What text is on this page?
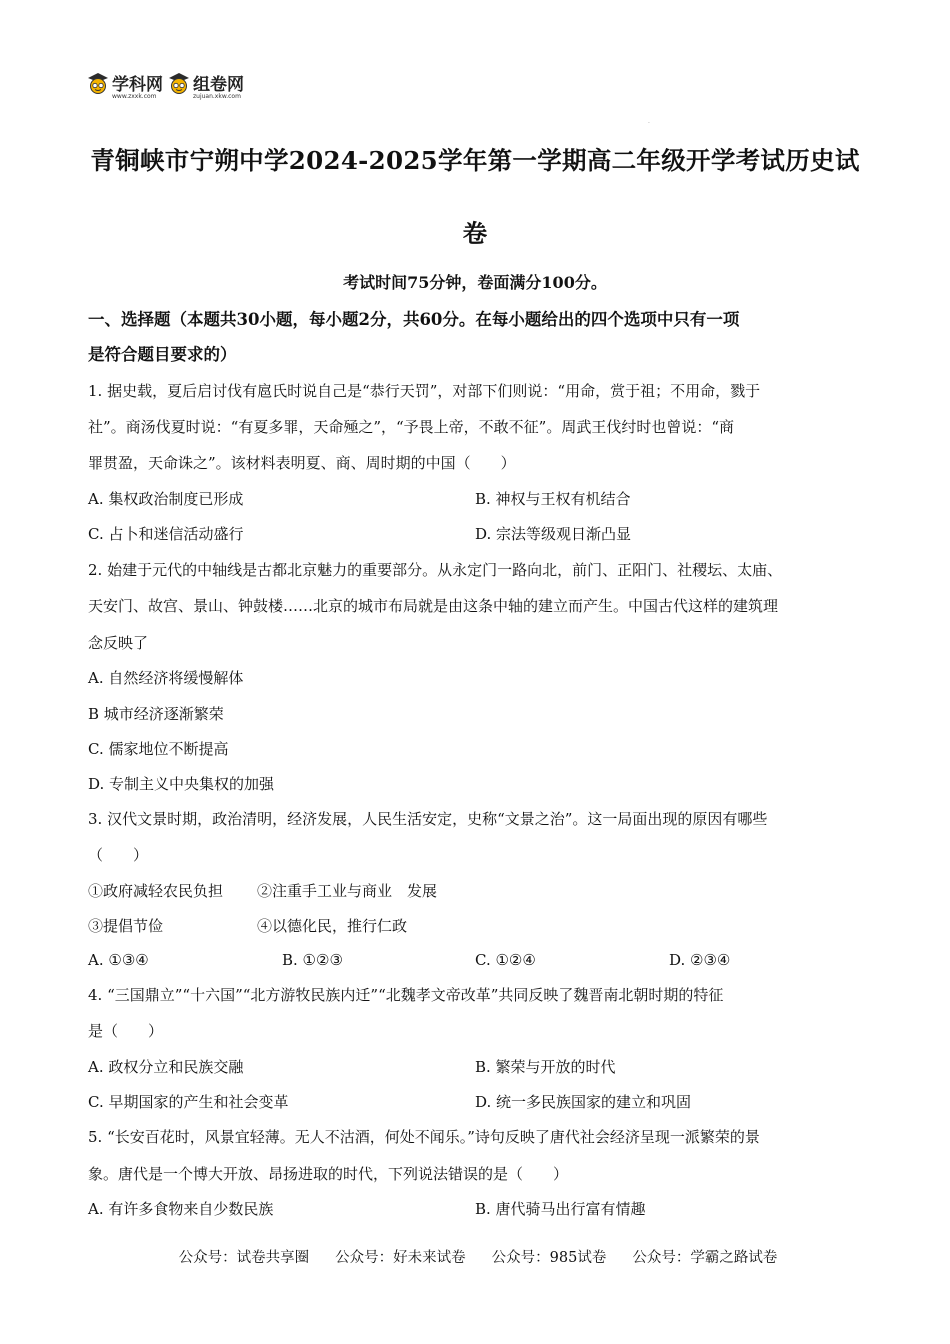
学科网
www.zxxk.com
组卷网
zujuan.xkw.com
·
青铜峡市宁朔中学2024-2025学年第一学期高二年级开学考试历史试
卷
考试时间75分钟，卷面满分100分。
一、选择题（本题共30小题，每小题2分，共60分。在每小题给出的四个选项中只有一项
是符合题目要求的）
1. 据史载，夏后启讨伐有扈氏时说自己是“恭行天罚”，对部下们则说：“用命，赏于祖；不用命，戮于
社”。商汤伐夏时说：“有夏多罪，天命殛之”，“予畏上帝，不敢不征”。周武王伐纣时也曾说：“商
罪贯盈，天命诛之”。该材料表明夏、商、周时期的中国（　　）
A. 集权政治制度已形成	B. 神权与王权有机结合
C. 占卜和迷信活动盛行	D. 宗法等级观日渐凸显
2. 始建于元代的中轴线是古都北京魅力的重要部分。从永定门一路向北，前门、正阳门、社稷坛、太庙、
天安门、故宫、景山、钟鼓楼……北京的城市布局就是由这条中轴的建立而产生。中国古代这样的建筑理
念反映了
A. 自然经济将缓慢解体
B 城市经济逐渐繁荣
C. 儒家地位不断提高
D. 专制主义中央集权的加强
3. 汉代文景时期，政治清明，经济发展，人民生活安定，史称“文景之治”。这一局面出现的原因有哪些
（　　）
①政府减轻农民负担 ②注重手工业与商业　发展
③提倡节俭	④以德化民，推行仁政
A. ①③④	B. ①②③	C. ①②④	D. ②③④
4. “三国鼎立”“十六国”“北方游牧民族内迁”“北魏孝文帝改革”共同反映了魏晋南北朝时期的特征
是（　　）
A. 政权分立和民族交融	B. 繁荣与开放的时代
C. 早期国家的产生和社会变革	D. 统一多民族国家的建立和巩固
5. “长安百花时，风景宜轻薄。无人不沽酒，何处不闻乐。”诗句反映了唐代社会经济呈现一派繁荣的景
象。唐代是一个博大开放、昂扬进取的时代，下列说法错误的是（　　）
A. 有许多食物来自少数民族	B. 唐代骑马出行富有情趣
公众号：试卷共享圈 公众号：好未来试卷 公众号：985试卷 公众号：学霸之路试卷
